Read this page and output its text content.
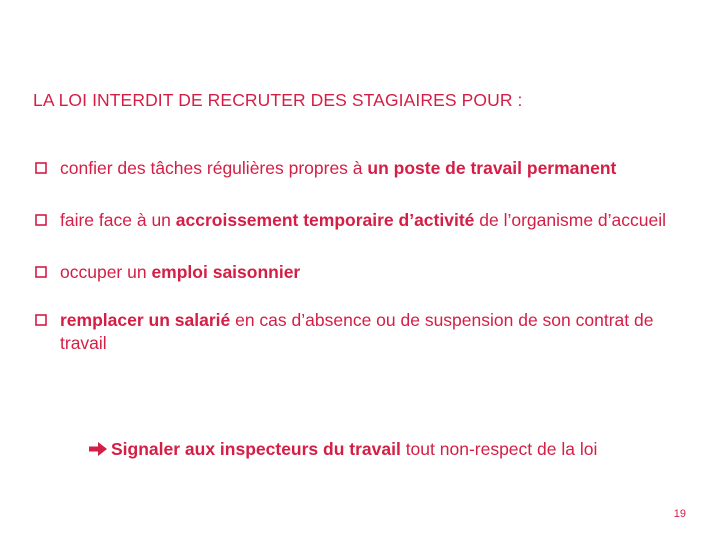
LA LOI INTERDIT DE RECRUTER DES STAGIAIRES POUR :
confier des tâches régulières propres à un poste de travail permanent
faire face à un accroissement temporaire d’activité de l’organisme d’accueil
occuper un emploi saisonnier
remplacer un salarié en cas d’absence ou de suspension de son contrat de travail
Signaler aux inspecteurs du travail tout non-respect de la loi
19
